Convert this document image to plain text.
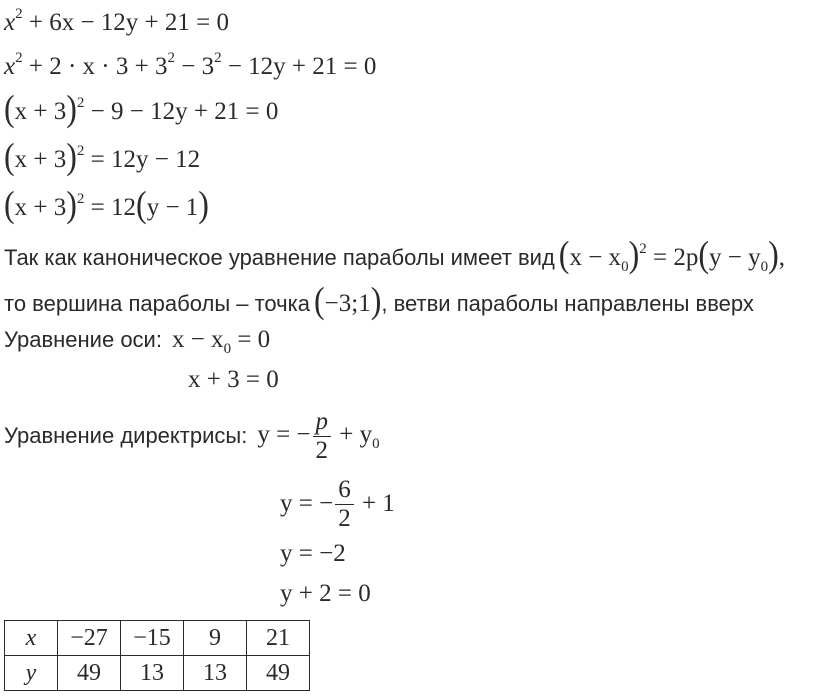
$x^2 + 6x - 12y + 21 = 0$
$x^2 + 2 \cdot x \cdot 3 + 3^2 - 3^2 - 12y + 21 = 0$
$(x + 3)^2 - 9 - 12y + 21 = 0$
$(x + 3)^2 = 12y - 12$
$(x + 3)^2 = 12(y - 1)$
Так как каноническое уравнение параболы имеет вид $(x - x_0)^2 = 2p(y - y_0)$,
то вершина параболы – точка (−3;1), ветви параболы направлены вверх
Уравнение оси: $x - x_0 = 0$
x + 3 = 0
Уравнение директрисы: y = − $\frac{p}{2} + y_0$
y = − $\frac{6}{2} + 1$
y = −2
y + 2 = 0
x	−27	−15	9	21
y	49	13	13	49
